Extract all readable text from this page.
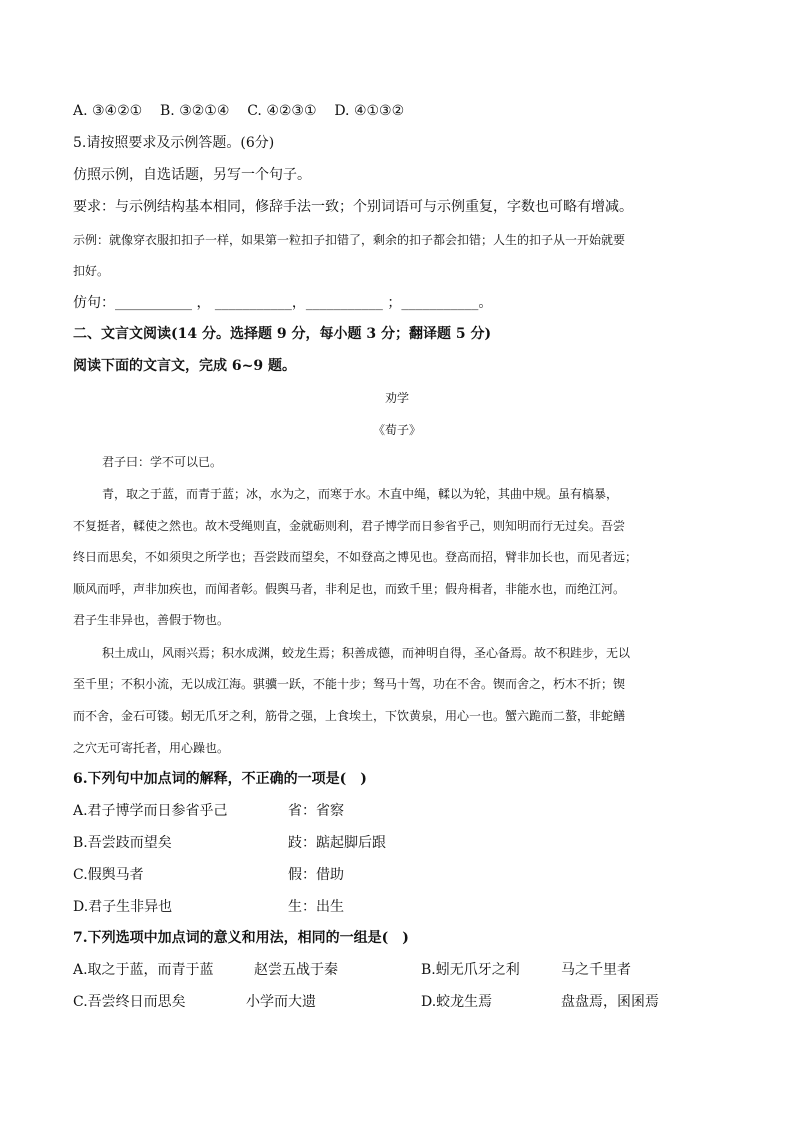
A. ③④②①    B. ③②①④    C. ④②③①    D. ④①③②
5.请按照要求及示例答题。(6分)
仿照示例，自选话题，另写一个句子。
要求：与示例结构基本相同，修辞手法一致；个别词语可与示例重复，字数也可略有增减。
示例：就像穿衣服扣扣子一样，如果第一粒扣子扣错了，剩余的扣子都会扣错；人生的扣子从一开始就要
扣好。
仿句：___________ ， ___________，___________ ；___________。
二、文言文阅读(14 分。选择题 9 分，每小题 3 分；翻译题 5 分)
阅读下面的文言文，完成 6~9 题。
劝学
《荀子》
君子曰：学不可以已。
青，取之于蓝，而青于蓝；冰，水为之，而寒于水。木直中绳，輮以为轮，其曲中规。虽有槁暴，
不复挺者，輮使之然也。故木受绳则直，金就砺则利，君子博学而日参省乎己，则知明而行无过矣。吾尝
终日而思矣，不如须臾之所学也；吾尝跂而望矣，不如登高之博见也。登高而招，臂非加长也，而见者远；
顺风而呼，声非加疾也，而闻者彰。假舆马者，非利足也，而致千里；假舟楫者，非能水也，而绝江河。
君子生非异也，善假于物也。
积土成山，风雨兴焉；积水成渊，蛟龙生焉；积善成德，而神明自得，圣心备焉。故不积跬步，无以
至千里；不积小流，无以成江海。骐骥一跃，不能十步；驽马十驾，功在不舍。锲而舍之，朽木不折；锲
而不舍，金石可镂。蚓无爪牙之利，筋骨之强，上食埃土，下饮黄泉，用心一也。蟹六跪而二螯，非蛇鳝
之穴无可寄托者，用心躁也。
6.下列句中加点词的解释，不正确的一项是(　)
A.君子博学而日参省乎己	省：省察
B.吾尝跂而望矣	跂：踮起脚后跟
C.假舆马者	假：借助
D.君子生非异也	生：出生
7.下列选项中加点词的意义和用法，相同的一组是(　)
A.取之于蓝，而青于蓝	赵尝五战于秦	B.蚓无爪牙之利	马之千里者
C.吾尝终日而思矣	小学而大遗	D.蛟龙生焉	盘盘焉，囷囷焉
